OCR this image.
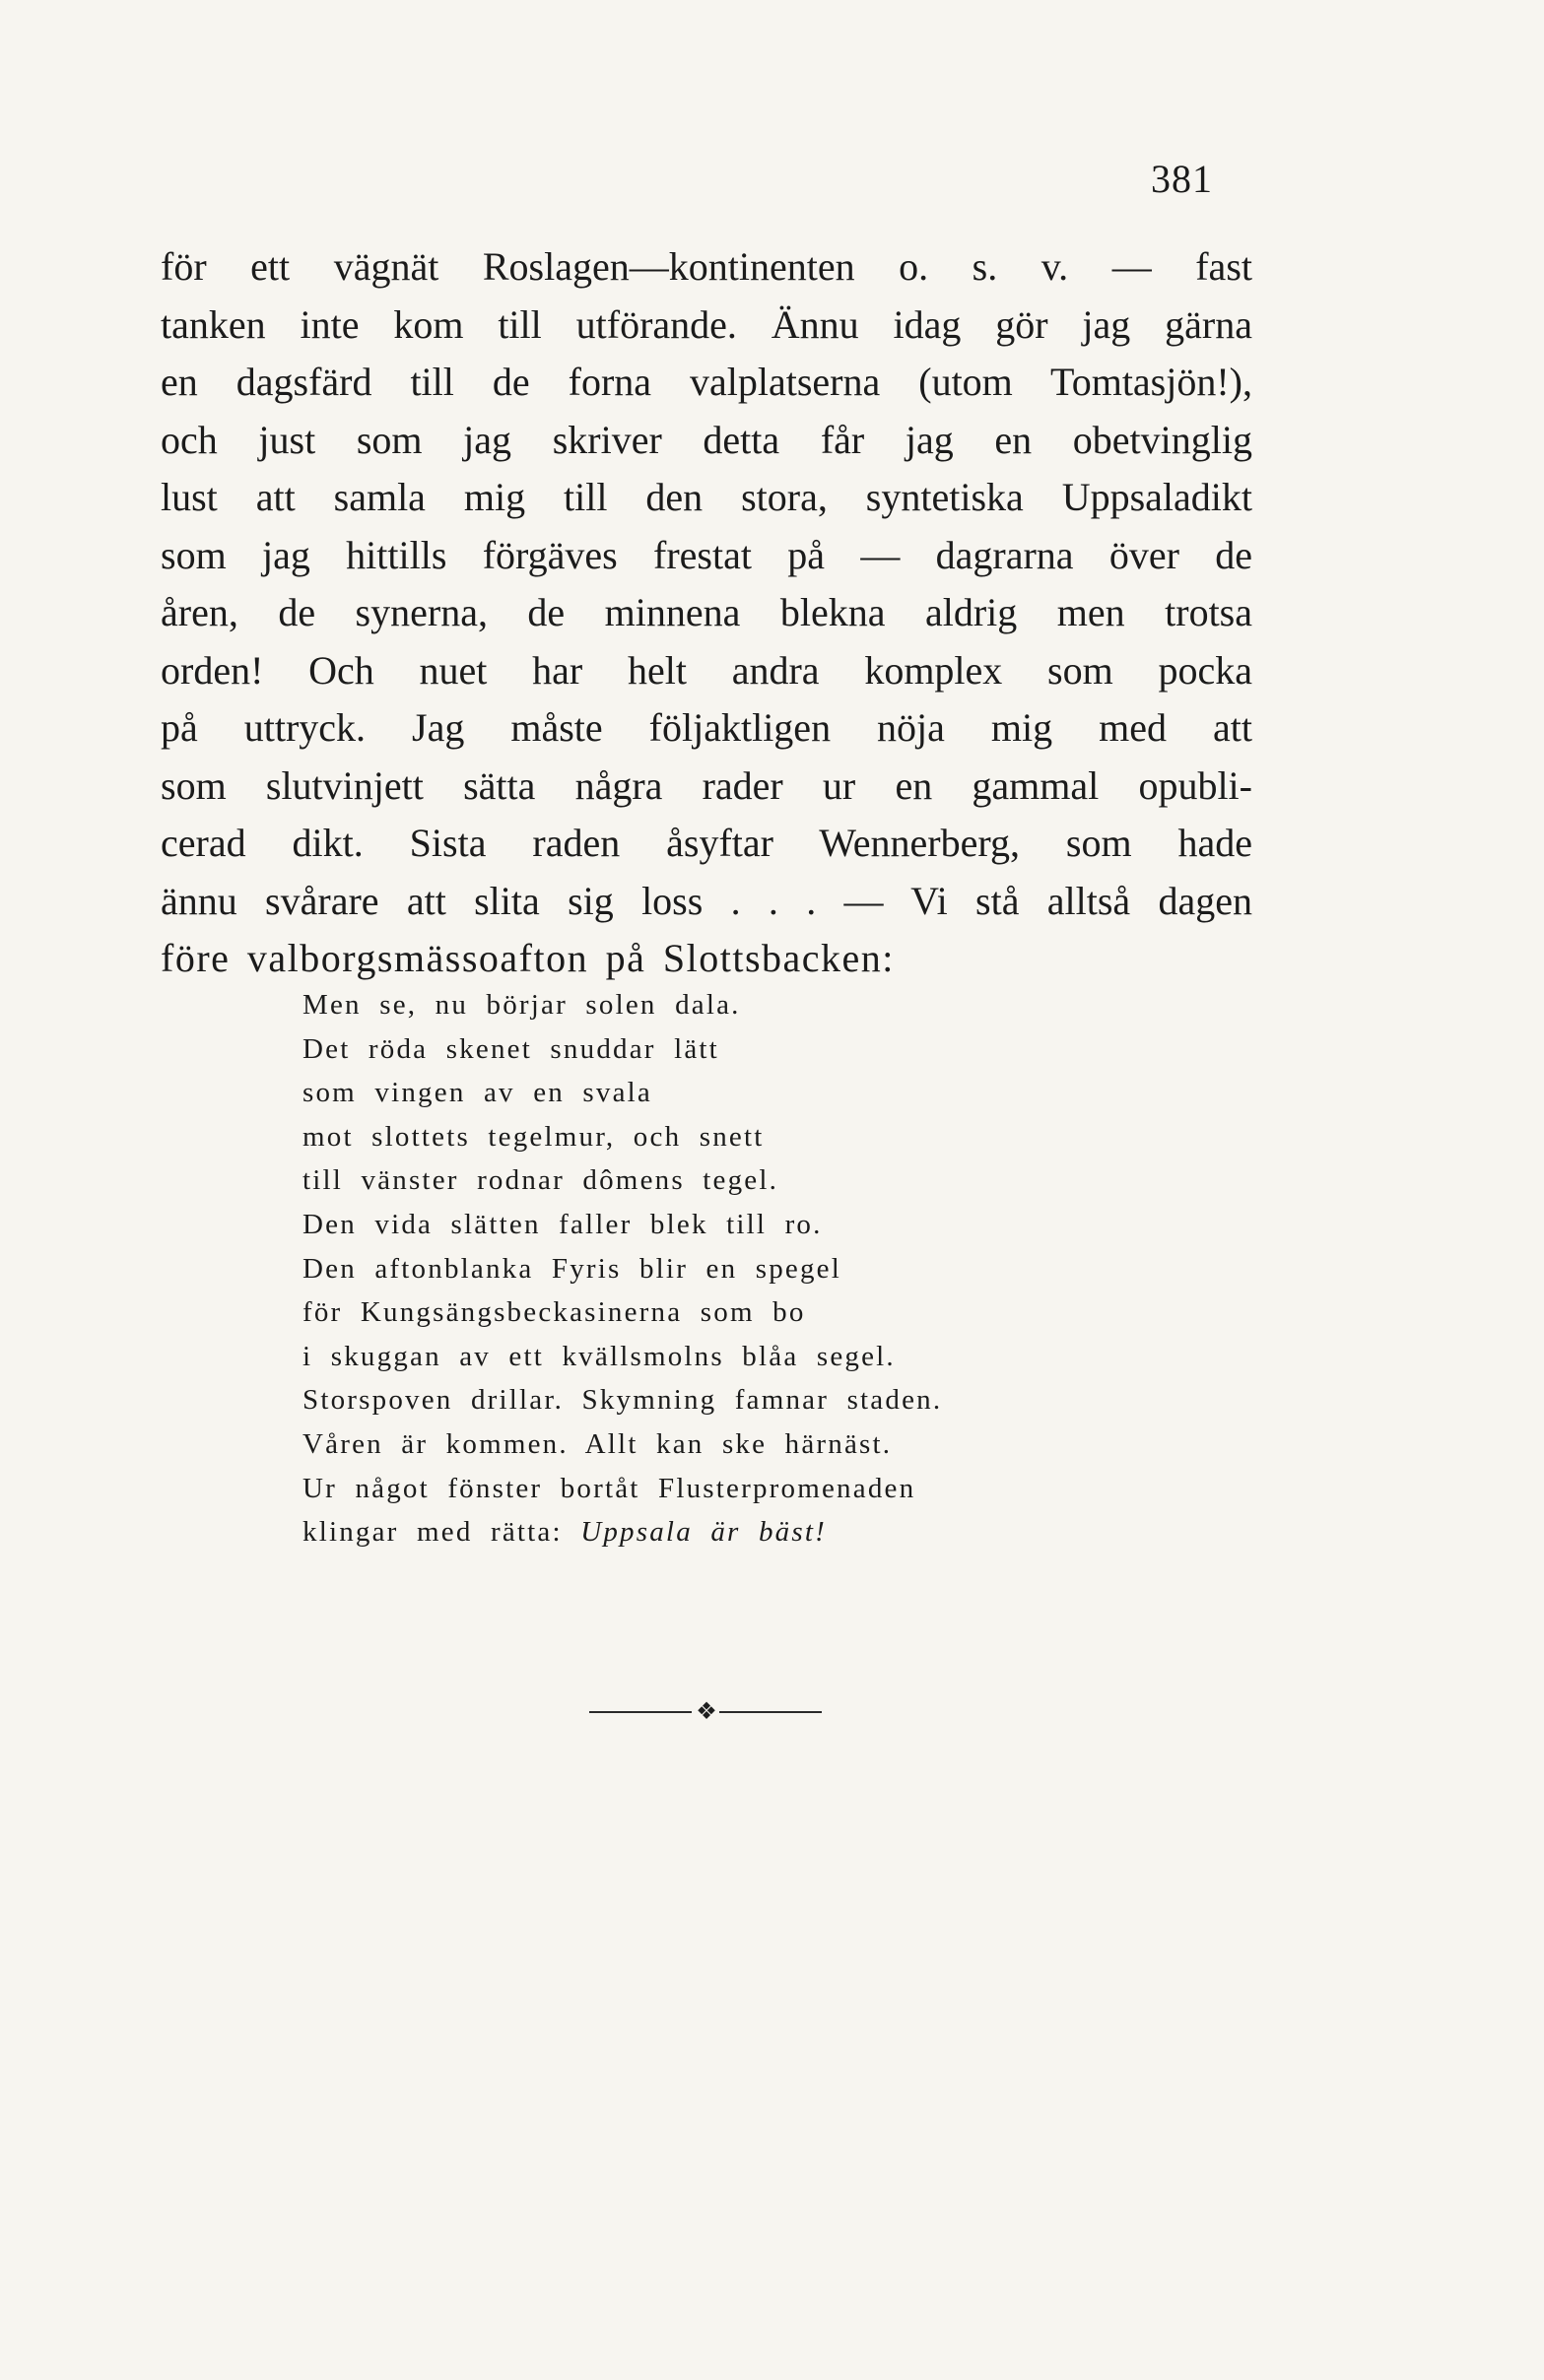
381
för ett vägnät Roslagen—kontinenten o. s. v. — fast
tanken inte kom till utförande. Ännu idag gör jag gärna
en dagsfärd till de forna valplatserna (utom Tomtasjön!),
och just som jag skriver detta får jag en obetvinglig
lust att samla mig till den stora, syntetiska Uppsaladikt
som jag hittills förgäves frestat på — dagrarna över de
åren, de synerna, de minnena blekna aldrig men trotsa
orden! Och nuet har helt andra komplex som pocka
på uttryck. Jag måste följaktligen nöja mig med att
som slutvinjett sätta några rader ur en gammal opubli-
cerad dikt. Sista raden åsyftar Wennerberg, som hade
ännu svårare att slita sig loss . . . — Vi stå alltså dagen
före valborgsmässoafton på Slottsbacken:
Men se, nu börjar solen dala.
Det röda skenet snuddar lätt
som vingen av en svala
mot slottets tegelmur, och snett
till vänster rodnar dômens tegel.
Den vida slätten faller blek till ro.
Den aftonblanka Fyris blir en spegel
för Kungsängsbeckasinerna som bo
i skuggan av ett kvällsmolns blåa segel.
Storspoven drillar. Skymning famnar staden.
Våren är kommen. Allt kan ske härnäst.
Ur något fönster bortåt Flusterpromenaden
klingar med rätta: Uppsala är bäst!
❖
